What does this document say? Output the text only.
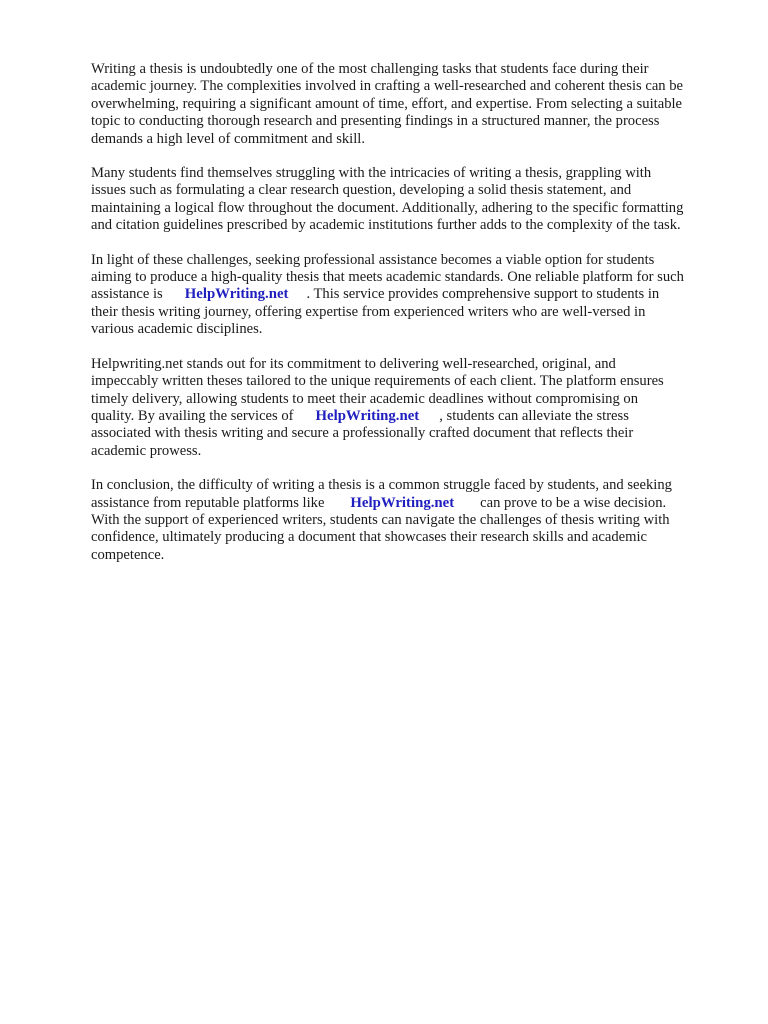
Writing a thesis is undoubtedly one of the most challenging tasks that students face during their
academic journey. The complexities involved in crafting a well-researched and coherent thesis can be
overwhelming, requiring a significant amount of time, effort, and expertise. From selecting a suitable
topic to conducting thorough research and presenting findings in a structured manner, the process
demands a high level of commitment and skill.

Many students find themselves struggling with the intricacies of writing a thesis, grappling with
issues such as formulating a clear research question, developing a solid thesis statement, and
maintaining a logical flow throughout the document. Additionally, adhering to the specific formatting
and citation guidelines prescribed by academic institutions further adds to the complexity of the task.

In light of these challenges, seeking professional assistance becomes a viable option for students
aiming to produce a high-quality thesis that meets academic standards. One reliable platform for such
assistance is HelpWriting.net . This service provides comprehensive support to students in
their thesis writing journey, offering expertise from experienced writers who are well-versed in
various academic disciplines.

Helpwriting.net stands out for its commitment to delivering well-researched, original, and
impeccably written theses tailored to the unique requirements of each client. The platform ensures
timely delivery, allowing students to meet their academic deadlines without compromising on
quality. By availing the services of HelpWriting.net , students can alleviate the stress
associated with thesis writing and secure a professionally crafted document that reflects their
academic prowess.

In conclusion, the difficulty of writing a thesis is a common struggle faced by students, and seeking
assistance from reputable platforms like HelpWriting.net can prove to be a wise decision.
With the support of experienced writers, students can navigate the challenges of thesis writing with
confidence, ultimately producing a document that showcases their research skills and academic
competence.
